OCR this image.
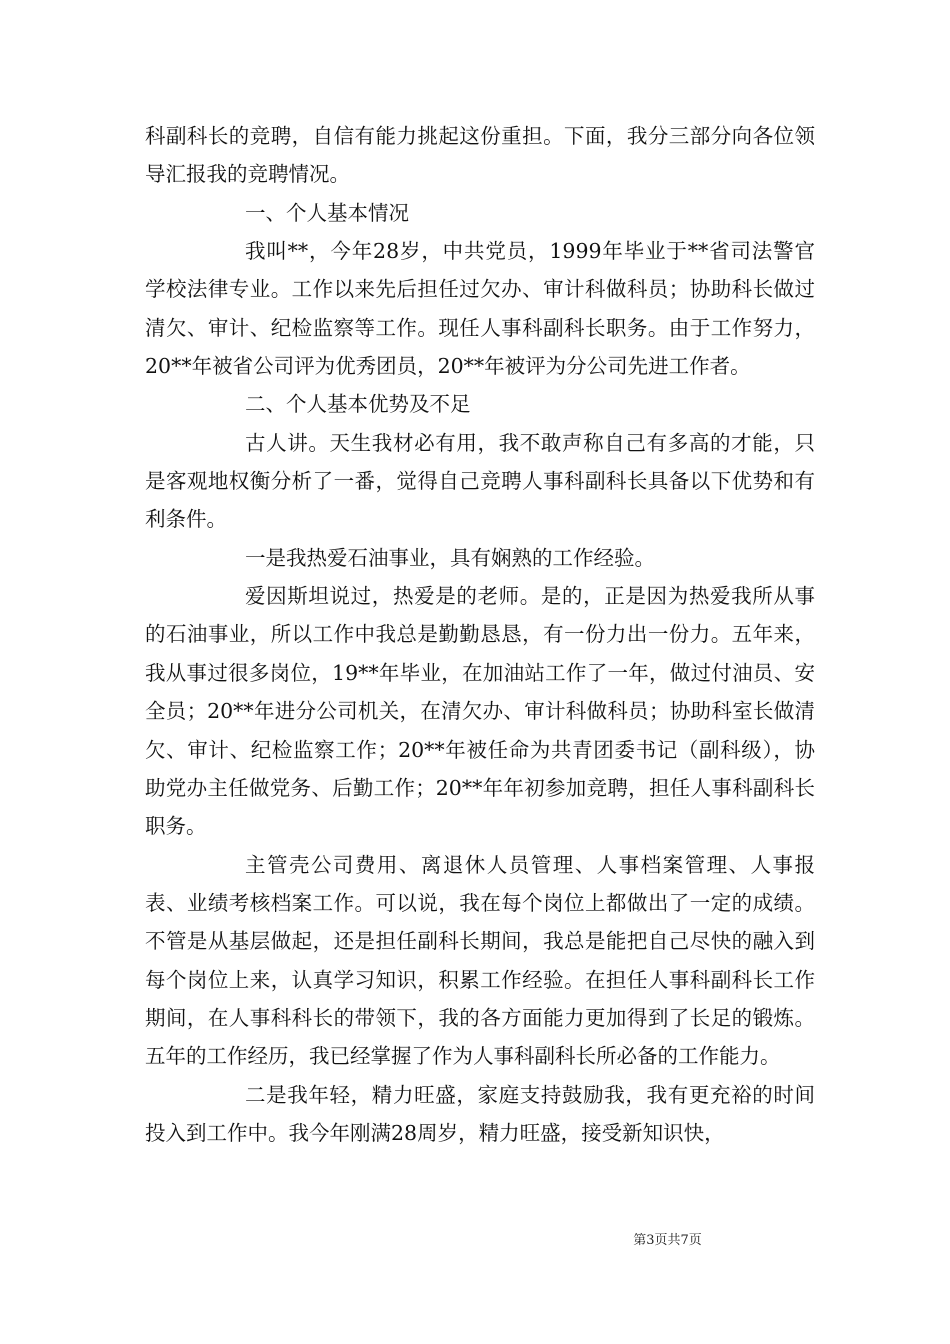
科副科长的竞聘，自信有能力挑起这份重担。下面，我分三部分向各位领导汇报我的竞聘情况。

一、个人基本情况

我叫**，今年28岁，中共党员，1999年毕业于**省司法警官学校法律专业。工作以来先后担任过欠办、审计科做科员；协助科长做过清欠、审计、纪检监察等工作。现任人事科副科长职务。由于工作努力，20**年被省公司评为优秀团员，20**年被评为分公司先进工作者。

二、个人基本优势及不足

古人讲。天生我材必有用，我不敢声称自己有多高的才能，只是客观地权衡分析了一番，觉得自己竞聘人事科副科长具备以下优势和有利条件。

一是我热爱石油事业，具有娴熟的工作经验。

爱因斯坦说过，热爱是的老师。是的，正是因为热爱我所从事的石油事业，所以工作中我总是勤勤恳恳，有一份力出一份力。五年来，我从事过很多岗位，19**年毕业，在加油站工作了一年，做过付油员、安全员；20**年进分公司机关，在清欠办、审计科做科员；协助科室长做清欠、审计、纪检监察工作；20**年被任命为共青团委书记（副科级），协助党办主任做党务、后勤工作；20**年年初参加竞聘，担任人事科副科长职务。

主管壳公司费用、离退休人员管理、人事档案管理、人事报表、业绩考核档案工作。可以说，我在每个岗位上都做出了一定的成绩。不管是从基层做起，还是担任副科长期间，我总是能把自己尽快的融入到每个岗位上来，认真学习知识，积累工作经验。在担任人事科副科长工作期间，在人事科科长的带领下，我的各方面能力更加得到了长足的锻炼。五年的工作经历，我已经掌握了作为人事科副科长所必备的工作能力。

二是我年轻，精力旺盛，家庭支持鼓励我，我有更充裕的时间投入到工作中。我今年刚满28周岁，精力旺盛，接受新知识快，

第3页共7页
